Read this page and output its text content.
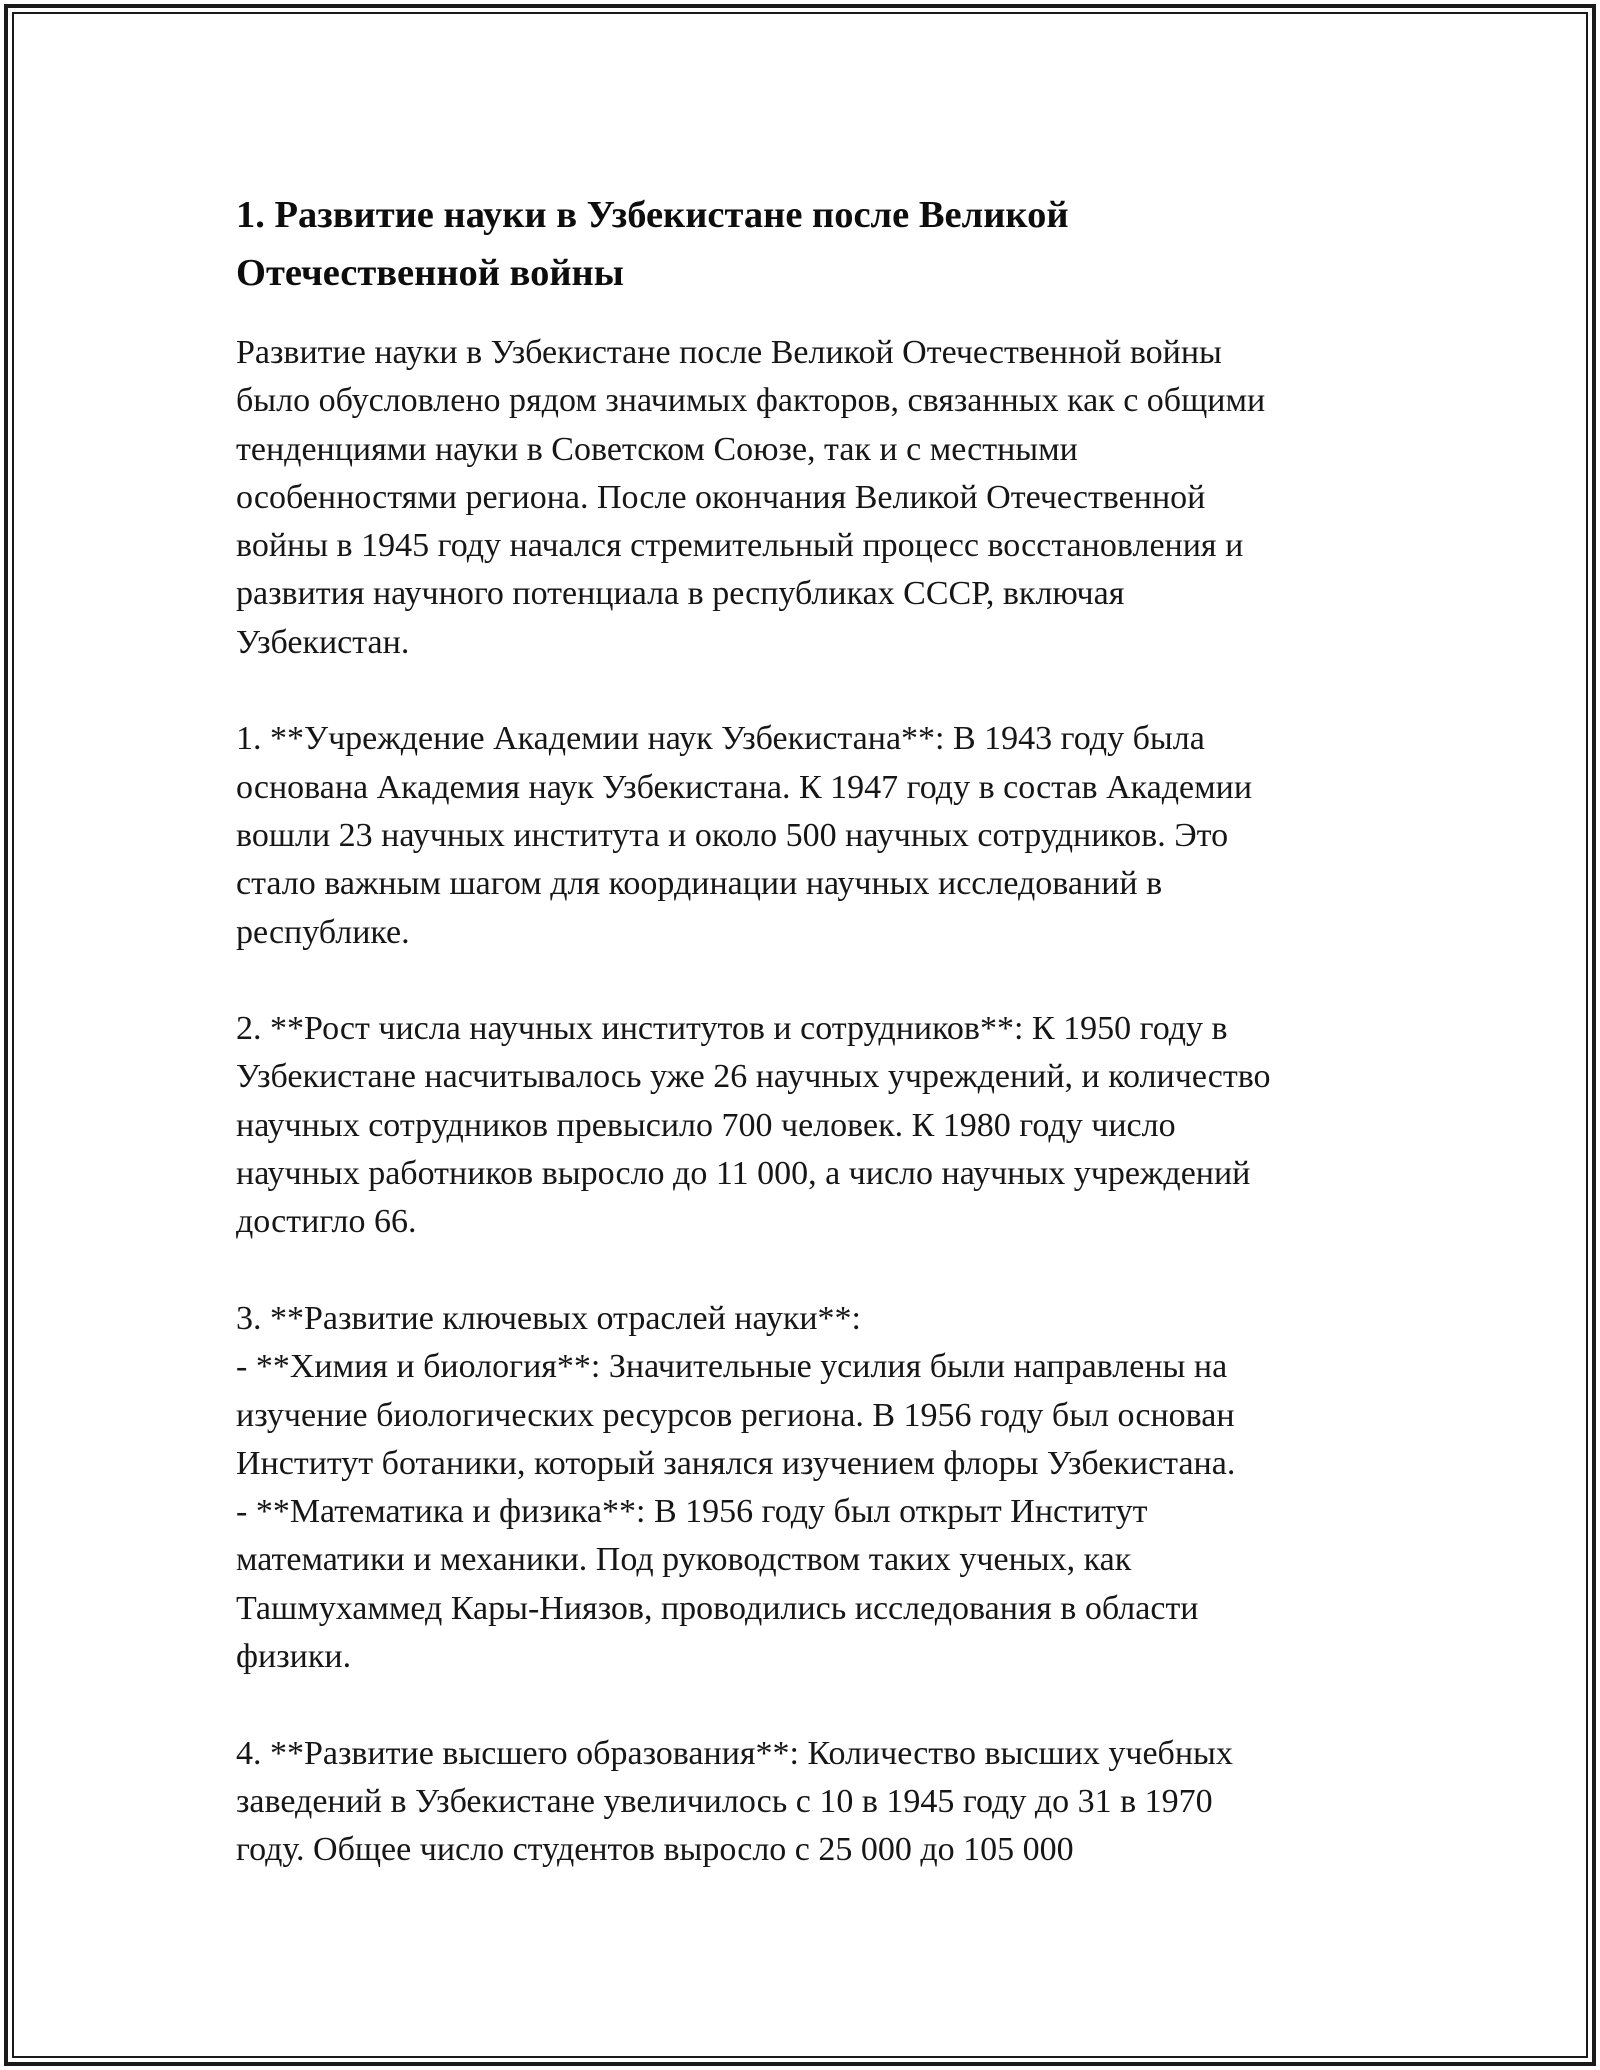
1. Развитие науки в Узбекистане после Великой
Отечественной войны
Развитие науки в Узбекистане после Великой Отечественной войны
было обусловлено рядом значимых факторов, связанных как с общими
тенденциями науки в Советском Союзе, так и с местными
особенностями региона. После окончания Великой Отечественной
войны в 1945 году начался стремительный процесс восстановления и
развития научного потенциала в республиках СССР, включая
Узбекистан.

1. **Учреждение Академии наук Узбекистана**: В 1943 году была
основана Академия наук Узбекистана. К 1947 году в состав Академии
вошли 23 научных института и около 500 научных сотрудников. Это
стало важным шагом для координации научных исследований в
республике.

2. **Рост числа научных институтов и сотрудников**: К 1950 году в
Узбекистане насчитывалось уже 26 научных учреждений, и количество
научных сотрудников превысило 700 человек. К 1980 году число
научных работников выросло до 11 000, а число научных учреждений
достигло 66.

3. **Развитие ключевых отраслей науки**:
- **Химия и биология**: Значительные усилия были направлены на
изучение биологических ресурсов региона. В 1956 году был основан
Институт ботаники, который занялся изучением флоры Узбекистана.
- **Математика и физика**: В 1956 году был открыт Институт
математики и механики. Под руководством таких ученых, как
Ташмухаммед Кары-Ниязов, проводились исследования в области
физики.

4. **Развитие высшего образования**: Количество высших учебных
заведений в Узбекистане увеличилось с 10 в 1945 году до 31 в 1970
году. Общее число студентов выросло с 25 000 до 105 000
